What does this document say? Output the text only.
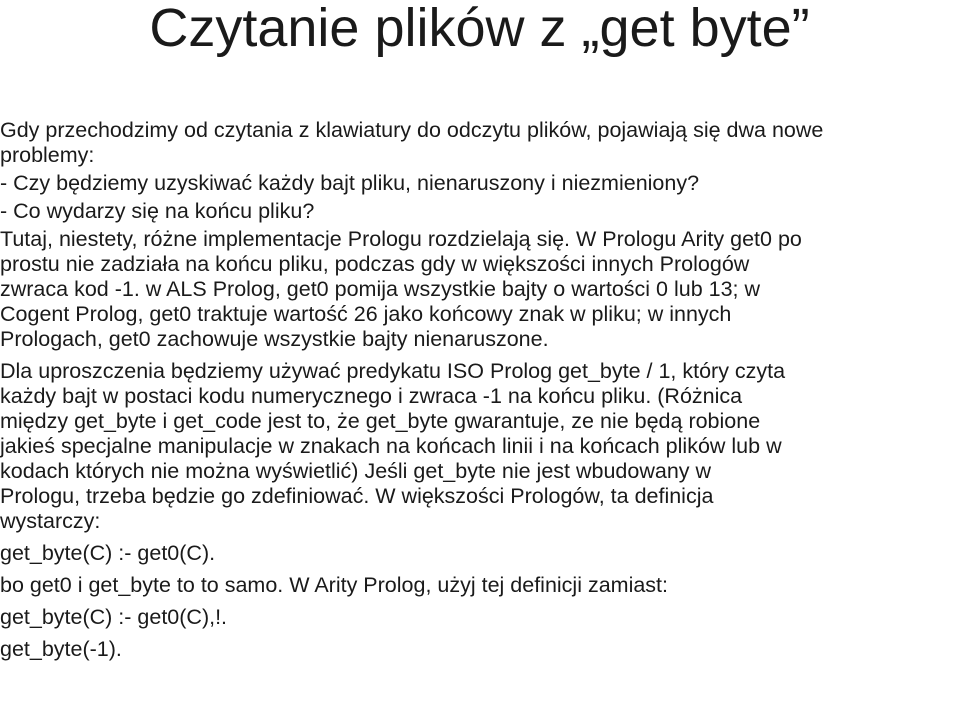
Czytanie plików z „get byte”

Gdy przechodzimy od czytania z klawiatury do odczytu plików, pojawiają się dwa nowe
problemy:

- Czy będziemy uzyskiwać każdy bajt pliku, nienaruszony i niezmieniony?

- Co wydarzy się na końcu pliku?

Tutaj, niestety, różne implementacje Prologu rozdzielają się. W Prologu Arity get0 po
prostu nie zadziała na końcu pliku, podczas gdy w większości innych Prologów
zwraca kod -1. w ALS Prolog, get0 pomija wszystkie bajty o wartości 0 lub 13; w
Cogent Prolog, get0 traktuje wartość 26 jako końcowy znak w pliku; w innych
Prologach, get0 zachowuje wszystkie bajty nienaruszone.

Dla uproszczenia będziemy używać predykatu ISO Prolog get_byte / 1, który czyta
każdy bajt w postaci kodu numerycznego i zwraca -1 na końcu pliku. (Różnica
między get_byte i get_code jest to, że get_byte gwarantuje, ze nie będą robione
jakieś specjalne manipulacje w znakach na końcach linii i na końcach plików lub w
kodach których nie można wyświetlić) Jeśli get_byte nie jest wbudowany w
Prologu, trzeba będzie go zdefiniować. W większości Prologów, ta definicja
wystarczy:

get_byte(C) :- get0(C).

bo get0 i get_byte to to samo. W Arity Prolog, użyj tej definicji zamiast:

get_byte(C) :- get0(C),!.

get_byte(-1).
